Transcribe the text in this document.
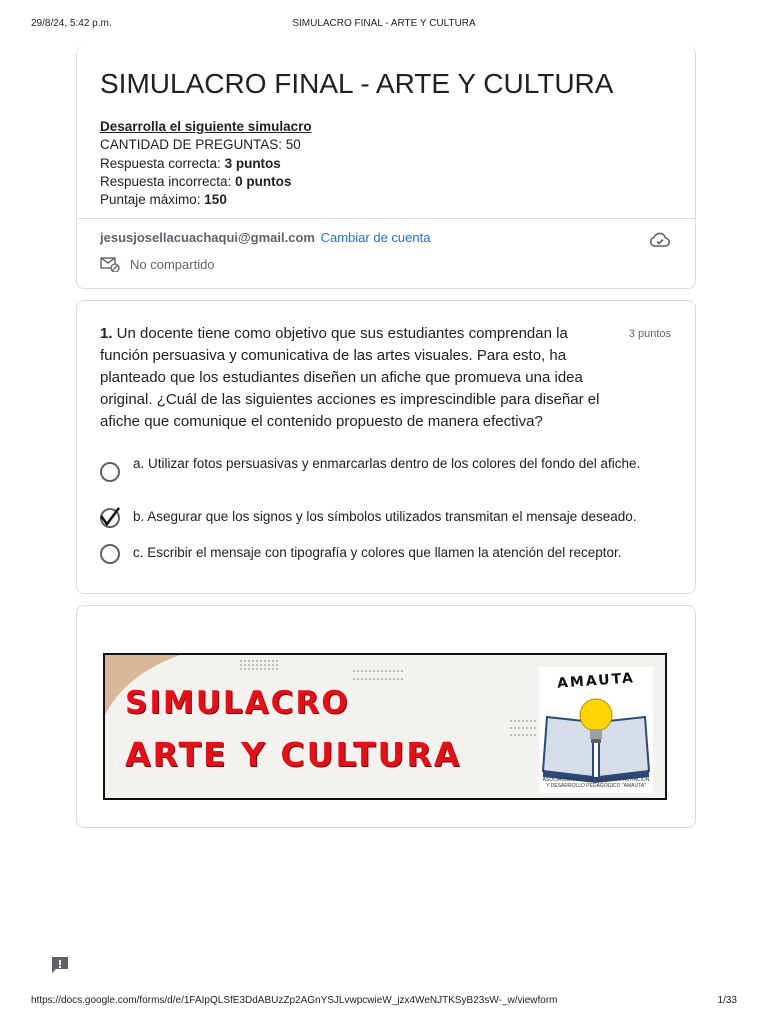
29/8/24, 5:42 p.m.	SIMULACRO FINAL - ARTE Y CULTURA
SIMULACRO FINAL - ARTE Y CULTURA
Desarrolla el siguiente simulacro
CANTIDAD DE PREGUNTAS: 50
Respuesta correcta: 3 puntos
Respuesta incorrecta: 0 puntos
Puntaje máximo: 150
jesusjosellacuachaqui@gmail.com Cambiar de cuenta
No compartido
1. Un docente tiene como objetivo que sus estudiantes comprendan la función persuasiva y comunicativa de las artes visuales. Para esto, ha planteado que los estudiantes diseñen un afiche que promueva una idea original. ¿Cuál de las siguientes acciones es imprescindible para diseñar el afiche que comunique el contenido propuesto de manera efectiva?
3 puntos
a. Utilizar fotos persuasivas y enmarcarlas dentro de los colores del fondo del afiche.
b. Asegurar que los signos y los símbolos utilizados transmitan el mensaje deseado.
c. Escribir el mensaje con tipografía y colores que llamen la atención del receptor.
SIMULACRO
ARTE Y CULTURA
AMAUTA
ASOCIACIÓN EDUCATIVA DE CAPACITACIÓN Y DESARROLLO PEDAGÓGICO "AMAUTA"
https://docs.google.com/forms/d/e/1FAIpQLSfE3DdABUzZp2AGnYSJLvwpcwieW_jzx4WeNJTKSyB23sW-_w/viewform	1/33
